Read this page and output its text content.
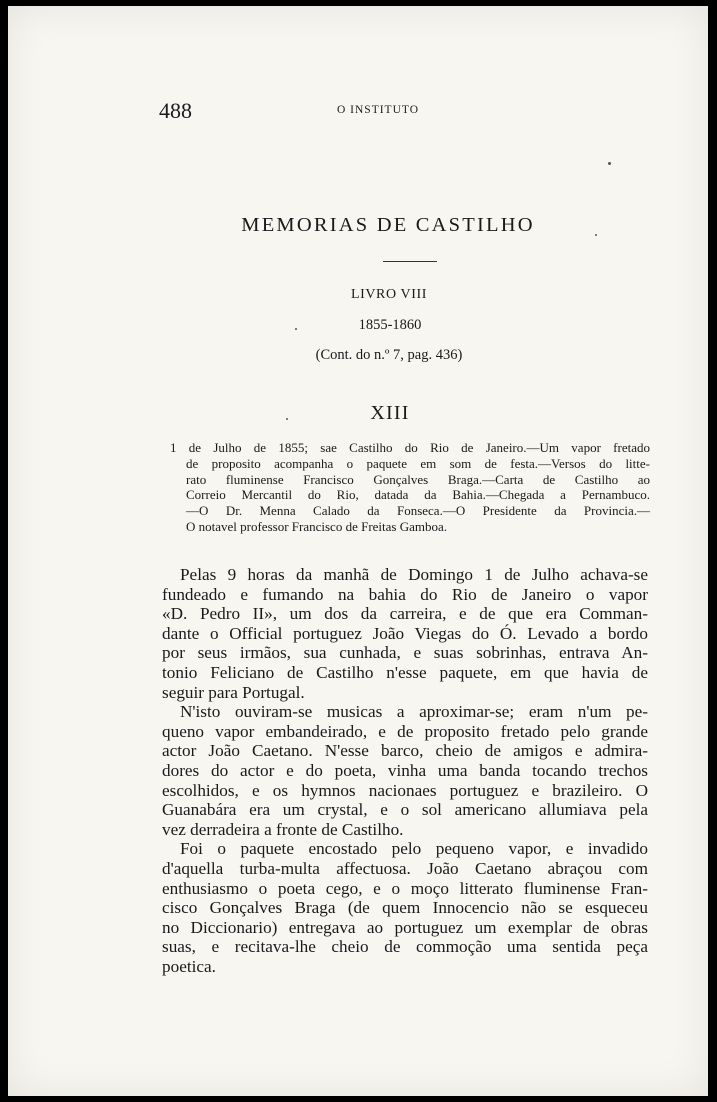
488	O INSTITUTO
MEMORIAS DE CASTILHO
LIVRO VIII
1855-1860
(Cont. do n.º 7, pag. 436)
XIII
1 de Julho de 1855; sae Castilho do Rio de Janeiro.—Um vapor fretado
de proposito acompanha o paquete em som de festa.—Versos do litte-
rato fluminense Francisco Gonçalves Braga.—Carta de Castilho ao
Correio Mercantil do Rio, datada da Bahia.—Chegada a Pernambuco.
—O Dr. Menna Calado da Fonseca.—O Presidente da Provincia.—
O notavel professor Francisco de Freitas Gamboa.
Pelas 9 horas da manhã de Domingo 1 de Julho achava-se
fundeado e fumando na bahia do Rio de Janeiro o vapor
«D. Pedro II», um dos da carreira, e de que era Comman-
dante o Official portuguez João Viegas do Ó. Levado a bordo
por seus irmãos, sua cunhada, e suas sobrinhas, entrava An-
tonio Feliciano de Castilho n'esse paquete, em que havia de
seguir para Portugal.
N'isto ouviram-se musicas a aproximar-se; eram n'um pe-
queno vapor embandeirado, e de proposito fretado pelo grande
actor João Caetano. N'esse barco, cheio de amigos e admira-
dores do actor e do poeta, vinha uma banda tocando trechos
escolhidos, e os hymnos nacionaes portuguez e brazileiro. O
Guanabára era um crystal, e o sol americano allumiava pela
vez derradeira a fronte de Castilho.
Foi o paquete encostado pelo pequeno vapor, e invadido
d'aquella turba-multa affectuosa. João Caetano abraçou com
enthusiasmo o poeta cego, e o moço litterato fluminense Fran-
cisco Gonçalves Braga (de quem Innocencio não se esqueceu
no Diccionario) entregava ao portuguez um exemplar de obras
suas, e recitava-lhe cheio de commoção uma sentida peça
poetica.
